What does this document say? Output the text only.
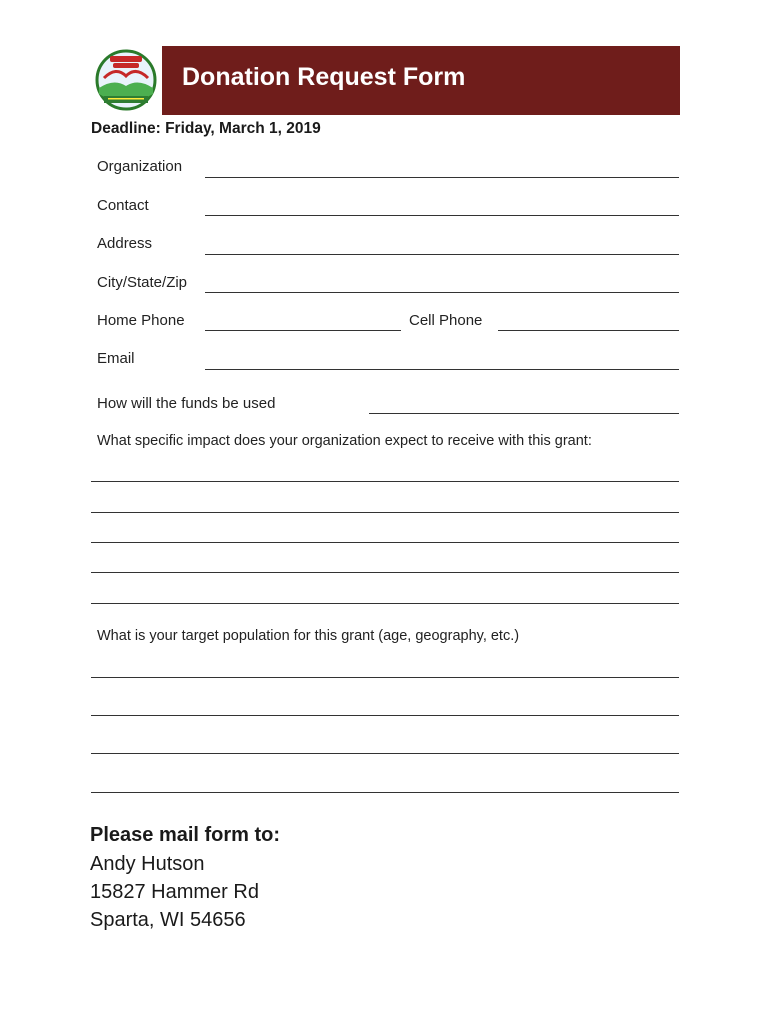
Donation Request Form
Deadline: Friday, March 1, 2019
Organization
Contact
Address
City/State/Zip
Home Phone	Cell Phone
Email
How will the funds be used
What specific impact does your organization expect to receive with this grant:
What is your target population for this grant (age, geography, etc.)
Please mail form to:
Andy Hutson
15827 Hammer Rd
Sparta, WI 54656
